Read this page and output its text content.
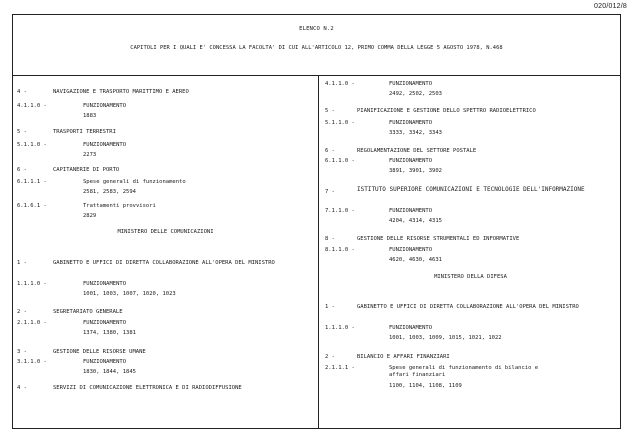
020/012/8
ELENCO N.2
CAPITOLI PER I QUALI E' CONCESSA LA FACOLTA' DI CUI ALL'ARTICOLO 12, PRIMO COMMA DELLA LEGGE 5 AGOSTO 1978, N.468
4 -	NAVIGAZIONE E TRASPORTO MARITTIMO E AEREO
4.1.1.0 -	FUNZIONAMENTO
1883
5 -	TRASPORTI TERRESTRI
5.1.1.0 -	FUNZIONAMENTO
2273
6 -	CAPITANERIE DI PORTO
6.1.1.1 -	Spese generali di funzionamento
2581, 2583, 2594
6.1.6.1 -	Trattamenti provvisori
2829
MINISTERO DELLE COMUNICAZIONI
1 -	GABINETTO E UFFICI DI DIRETTA COLLABORAZIONE ALL'OPERA DEL MINISTRO
1.1.1.0 -	FUNZIONAMENTO
1001, 1003, 1007, 1020, 1023
2 -	SEGRETARIATO GENERALE
2.1.1.0 -	FUNZIONAMENTO
1374, 1380, 1381
3 -	GESTIONE DELLE RISORSE UMANE
3.1.1.0 -	FUNZIONAMENTO
1830, 1844, 1845
4 -	SERVIZI DI COMUNICAZIONE ELETTRONICA E DI RADIODIFFUSIONE
4.1.1.0 -	FUNZIONAMENTO
2492, 2502, 2503
5 -	PIANIFICAZIONE E GESTIONE DELLO SPETTRO RADIOELETTRICO
5.1.1.0 -	FUNZIONAMENTO
3333, 3342, 3343
6 -	REGOLAMENTAZIONE DEL SETTORE POSTALE
6.1.1.0 -	FUNZIONAMENTO
3891, 3901, 3902
7 -	ISTITUTO SUPERIORE COMUNICAZIONI E TECNOLOGIE DELL'INFORMAZIONE
7.1.1.0 -	FUNZIONAMENTO
4204, 4314, 4315
8 -	GESTIONE DELLE RISORSE STRUMENTALI ED INFORMATIVE
8.1.1.0 -	FUNZIONAMENTO
4620, 4630, 4631
MINISTERO DELLA DIFESA
1 -	GABINETTO E UFFICI DI DIRETTA COLLABORAZIONE ALL'OPERA DEL MINISTRO
1.1.1.0 -	FUNZIONAMENTO
1001, 1003, 1009, 1015, 1021, 1022
2 -	BILANCIO E AFFARI FINANZIARI
2.1.1.1 -	Spese generali di funzionamento di bilancio e affari finanziari
1100, 1104, 1108, 1109
